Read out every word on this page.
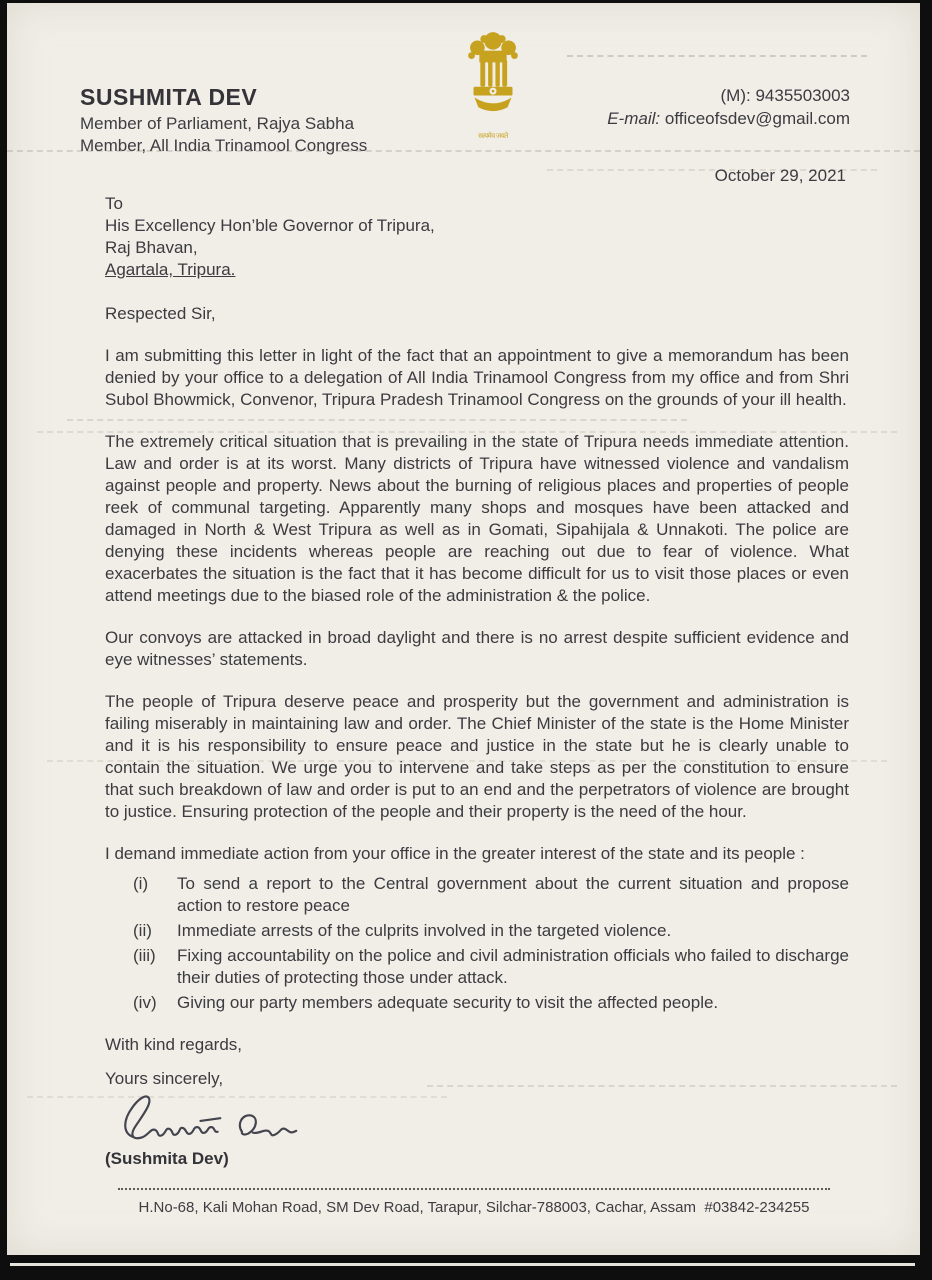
SUSHMITA DEV
Member of Parliament, Rajya Sabha
Member, All India Trinamool Congress	सत्यमेव जयते
(M): 9435503003
E-mail: officeofsdev@gmail.com
October 29, 2021
To
His Excellency Hon’ble Governor of Tripura,
Raj Bhavan,
Agartala, Tripura.

Respected Sir,

I am submitting this letter in light of the fact that an appointment to give a memorandum has been denied by your office to a delegation of All India Trinamool Congress from my office and from Shri Subol Bhowmick, Convenor, Tripura Pradesh Trinamool Congress on the grounds of your ill health.

The extremely critical situation that is prevailing in the state of Tripura needs immediate attention. Law and order is at its worst. Many districts of Tripura have witnessed violence and vandalism against people and property. News about the burning of religious places and properties of people reek of communal targeting. Apparently many shops and mosques have been attacked and damaged in North & West Tripura as well as in Gomati, Sipahijala & Unnakoti. The police are denying these incidents whereas people are reaching out due to fear of violence. What exacerbates the situation is the fact that it has become difficult for us to visit those places or even attend meetings due to the biased role of the administration & the police.

Our convoys are attacked in broad daylight and there is no arrest despite sufficient evidence and eye witnesses’ statements.

The people of Tripura deserve peace and prosperity but the government and administration is failing miserably in maintaining law and order. The Chief Minister of the state is the Home Minister and it is his responsibility to ensure peace and justice in the state but he is clearly unable to contain the situation. We urge you to intervene and take steps as per the constitution to ensure that such breakdown of law and order is put to an end and the perpetrators of violence are brought to justice. Ensuring protection of the people and their property is the need of the hour.

I demand immediate action from your office in the greater interest of the state and its people :

(i)	To send a report to the Central government about the current situation and propose action to restore peace
(ii)	Immediate arrests of the culprits involved in the targeted violence.
(iii)	Fixing accountability on the police and civil administration officials who failed to discharge their duties of protecting those under attack.
(iv)	Giving our party members adequate security to visit the affected people.

With kind regards,

Yours sincerely,

(Sushmita Dev)
H.No-68, Kali Mohan Road, SM Dev Road, Tarapur, Silchar-788003, Cachar, Assam  #03842-234255
